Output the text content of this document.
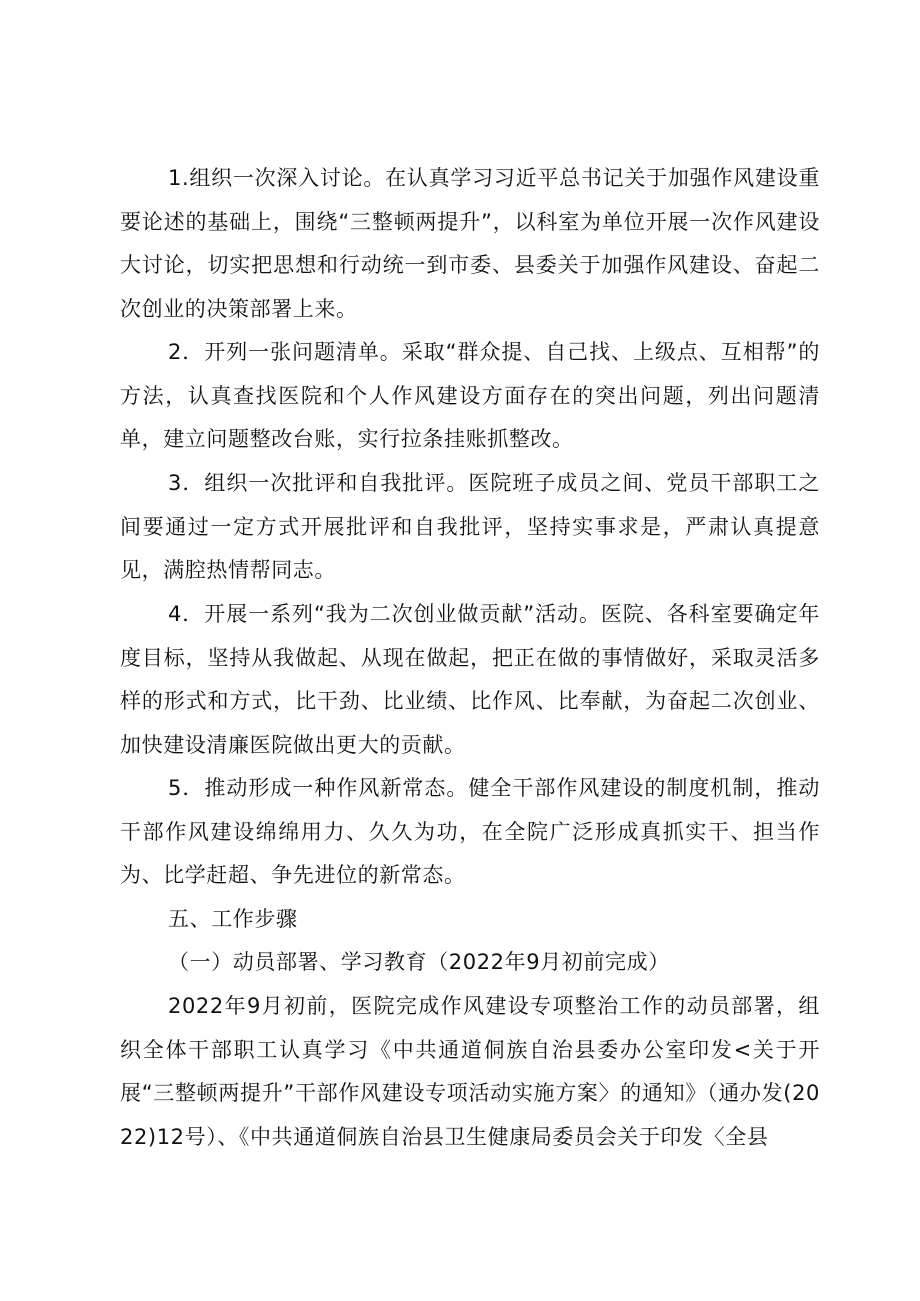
1.组织一次深入讨论。在认真学习习近平总书记关于加强作风建设重要论述的基础上，围绕“三整顿两提升”，以科室为单位开展一次作风建设大讨论，切实把思想和行动统一到市委、县委关于加强作风建设、奋起二次创业的决策部署上来。

2．开列一张问题清单。采取“群众提、自己找、上级点、互相帮”的方法，认真查找医院和个人作风建设方面存在的突出问题，列出问题清单，建立问题整改台账，实行拉条挂账抓整改。

3．组织一次批评和自我批评。医院班子成员之间、党员干部职工之间要通过一定方式开展批评和自我批评，坚持实事求是，严肃认真提意见，满腔热情帮同志。

4．开展一系列“我为二次创业做贡献”活动。医院、各科室要确定年度目标，坚持从我做起、从现在做起，把正在做的事情做好，采取灵活多样的形式和方式，比干劲、比业绩、比作风、比奉献，为奋起二次创业、加快建设清廉医院做出更大的贡献。

5．推动形成一种作风新常态。健全干部作风建设的制度机制，推动干部作风建设绵绵用力、久久为功，在全院广泛形成真抓实干、担当作为、比学赶超、争先进位的新常态。

五、工作步骤

（一）动员部署、学习教育（2022年9月初前完成）

2022年9月初前，医院完成作风建设专项整治工作的动员部署，组织全体干部职工认真学习《中共通道侗族自治县委办公室印发<关于开展“三整顿两提升”干部作风建设专项活动实施方案〉的通知》（通办发(2022)12号）、《中共通道侗族自治县卫生健康局委员会关于印发〈全县
